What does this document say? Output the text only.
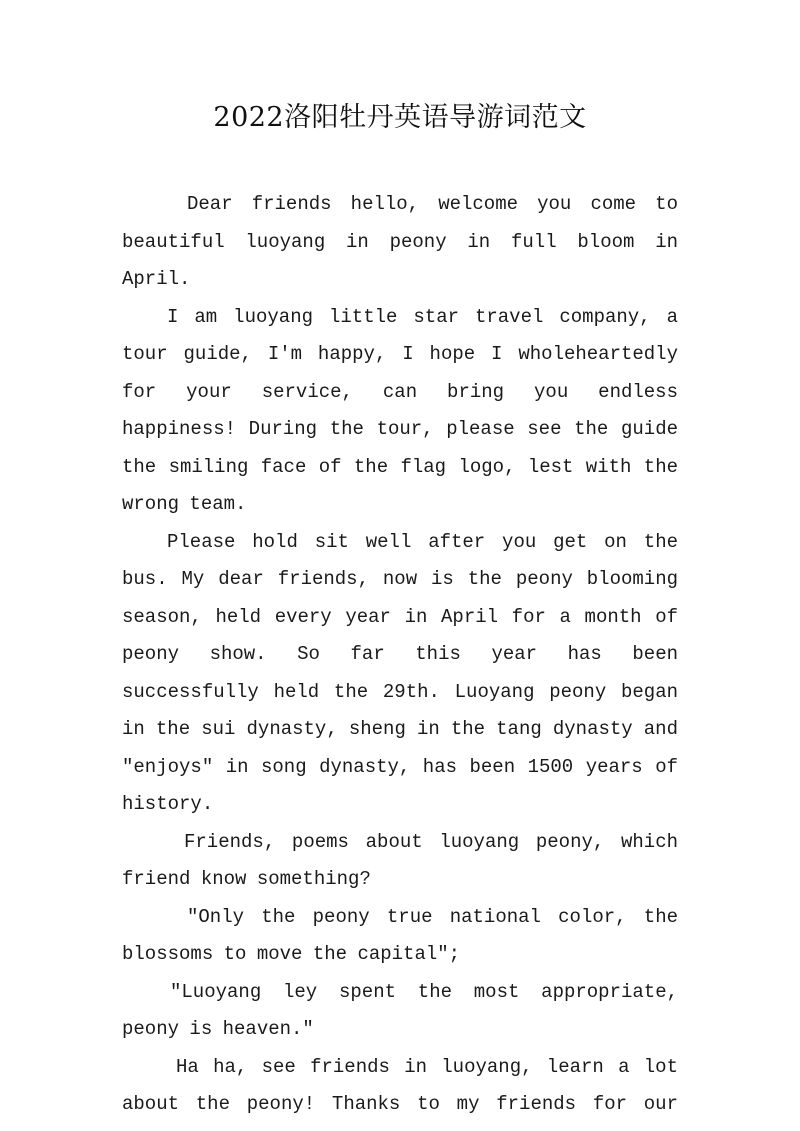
2022洛阳牡丹英语导游词范文

Dear friends hello, welcome you come to beautiful luoyang in peony in full bloom in April.

I am luoyang little star travel company, a tour guide, I'm happy, I hope I wholeheartedly for your service, can bring you endless happiness! During the tour, please see the guide the smiling face of the flag logo, lest with the wrong team.

Please hold sit well after you get on the bus. My dear friends, now is the peony blooming season, held every year in April for a month of peony show. So far this year has been successfully held the 29th. Luoyang peony began in the sui dynasty, sheng in the tang dynasty and "enjoys" in song dynasty, has been 1500 years of history.

Friends, poems about luoyang peony, which friend know something?

"Only the peony true national color, the blossoms to move the capital";

"Luoyang ley spent the most appropriate, peony is heaven."

Ha ha, see friends in luoyang, learn a lot about the peony! Thanks to my friends for our
